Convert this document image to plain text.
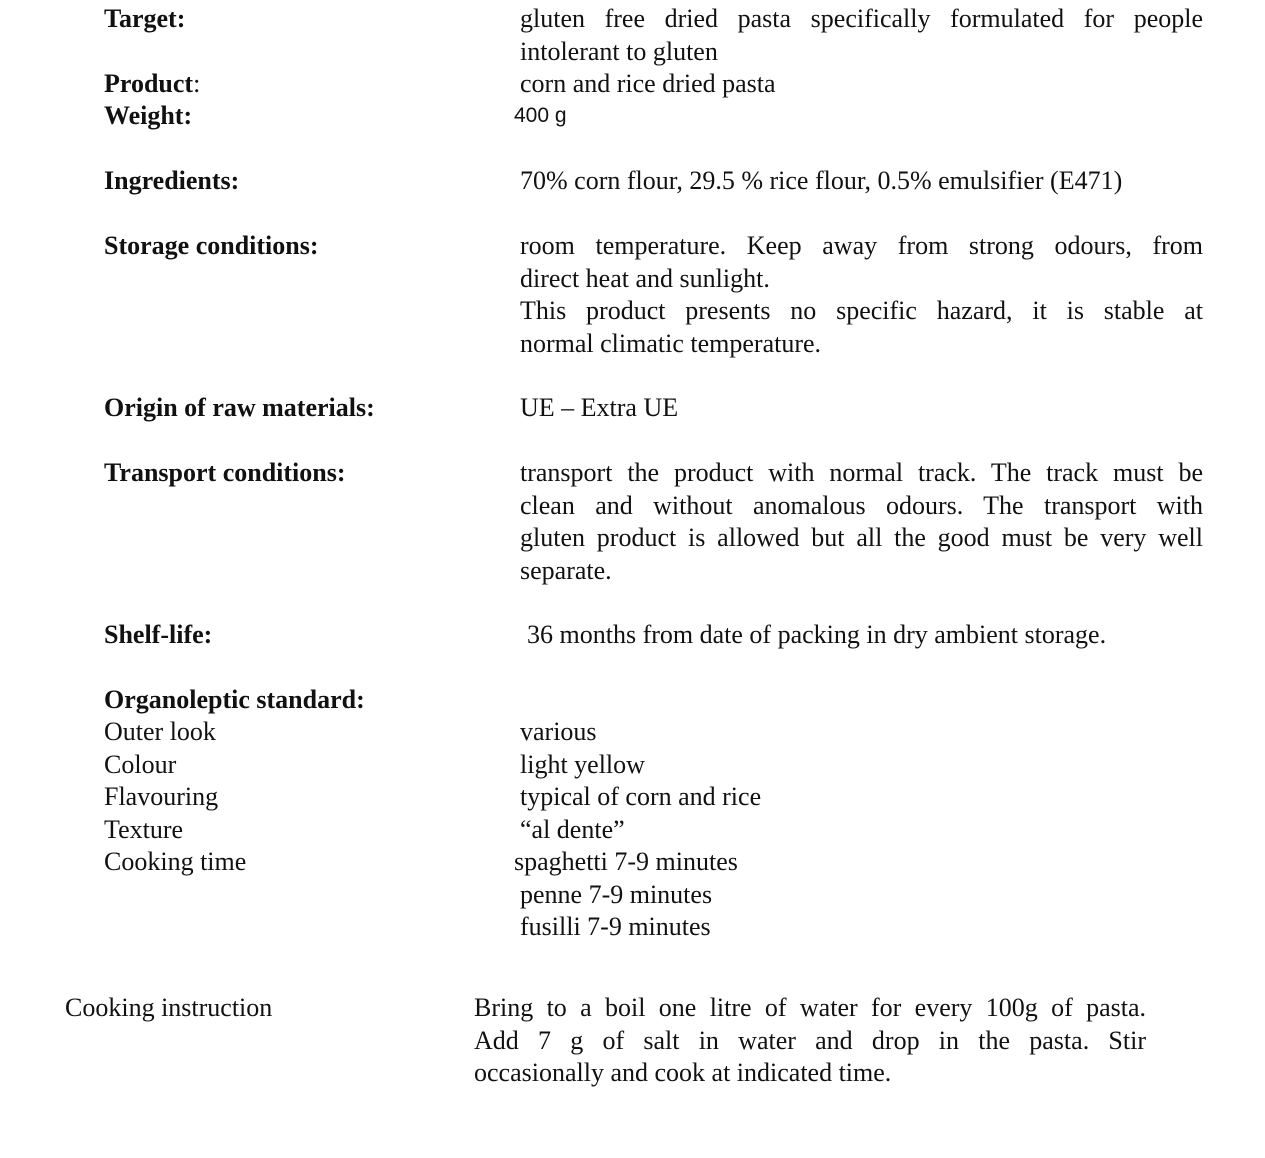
Target:	gluten free dried pasta specifically formulated for people
intolerant to gluten
Product:	corn and rice dried pasta
Weight:	400 g
Ingredients:	70% corn flour, 29.5 % rice flour, 0.5% emulsifier (E471)
Storage conditions:	room temperature. Keep away from strong odours, from
direct heat and sunlight.
This product presents no specific hazard, it is stable at
normal climatic temperature.
Origin of raw materials:	UE – Extra UE
Transport conditions:	transport the product with normal track. The track must be
clean and without anomalous odours. The transport with
gluten product is allowed but all the good must be very well
separate.
Shelf-life:	36 months from date of packing in dry ambient storage.
Organoleptic standard:
Outer look	various
Colour	light yellow
Flavouring	typical of corn and rice
Texture	“al dente”
Cooking time	spaghetti 7-9 minutes
penne 7-9 minutes
fusilli 7-9 minutes
Cooking instruction	Bring to a boil one litre of water for every 100g of pasta.
Add 7 g of salt in water and drop in the pasta. Stir
occasionally and cook at indicated time.
